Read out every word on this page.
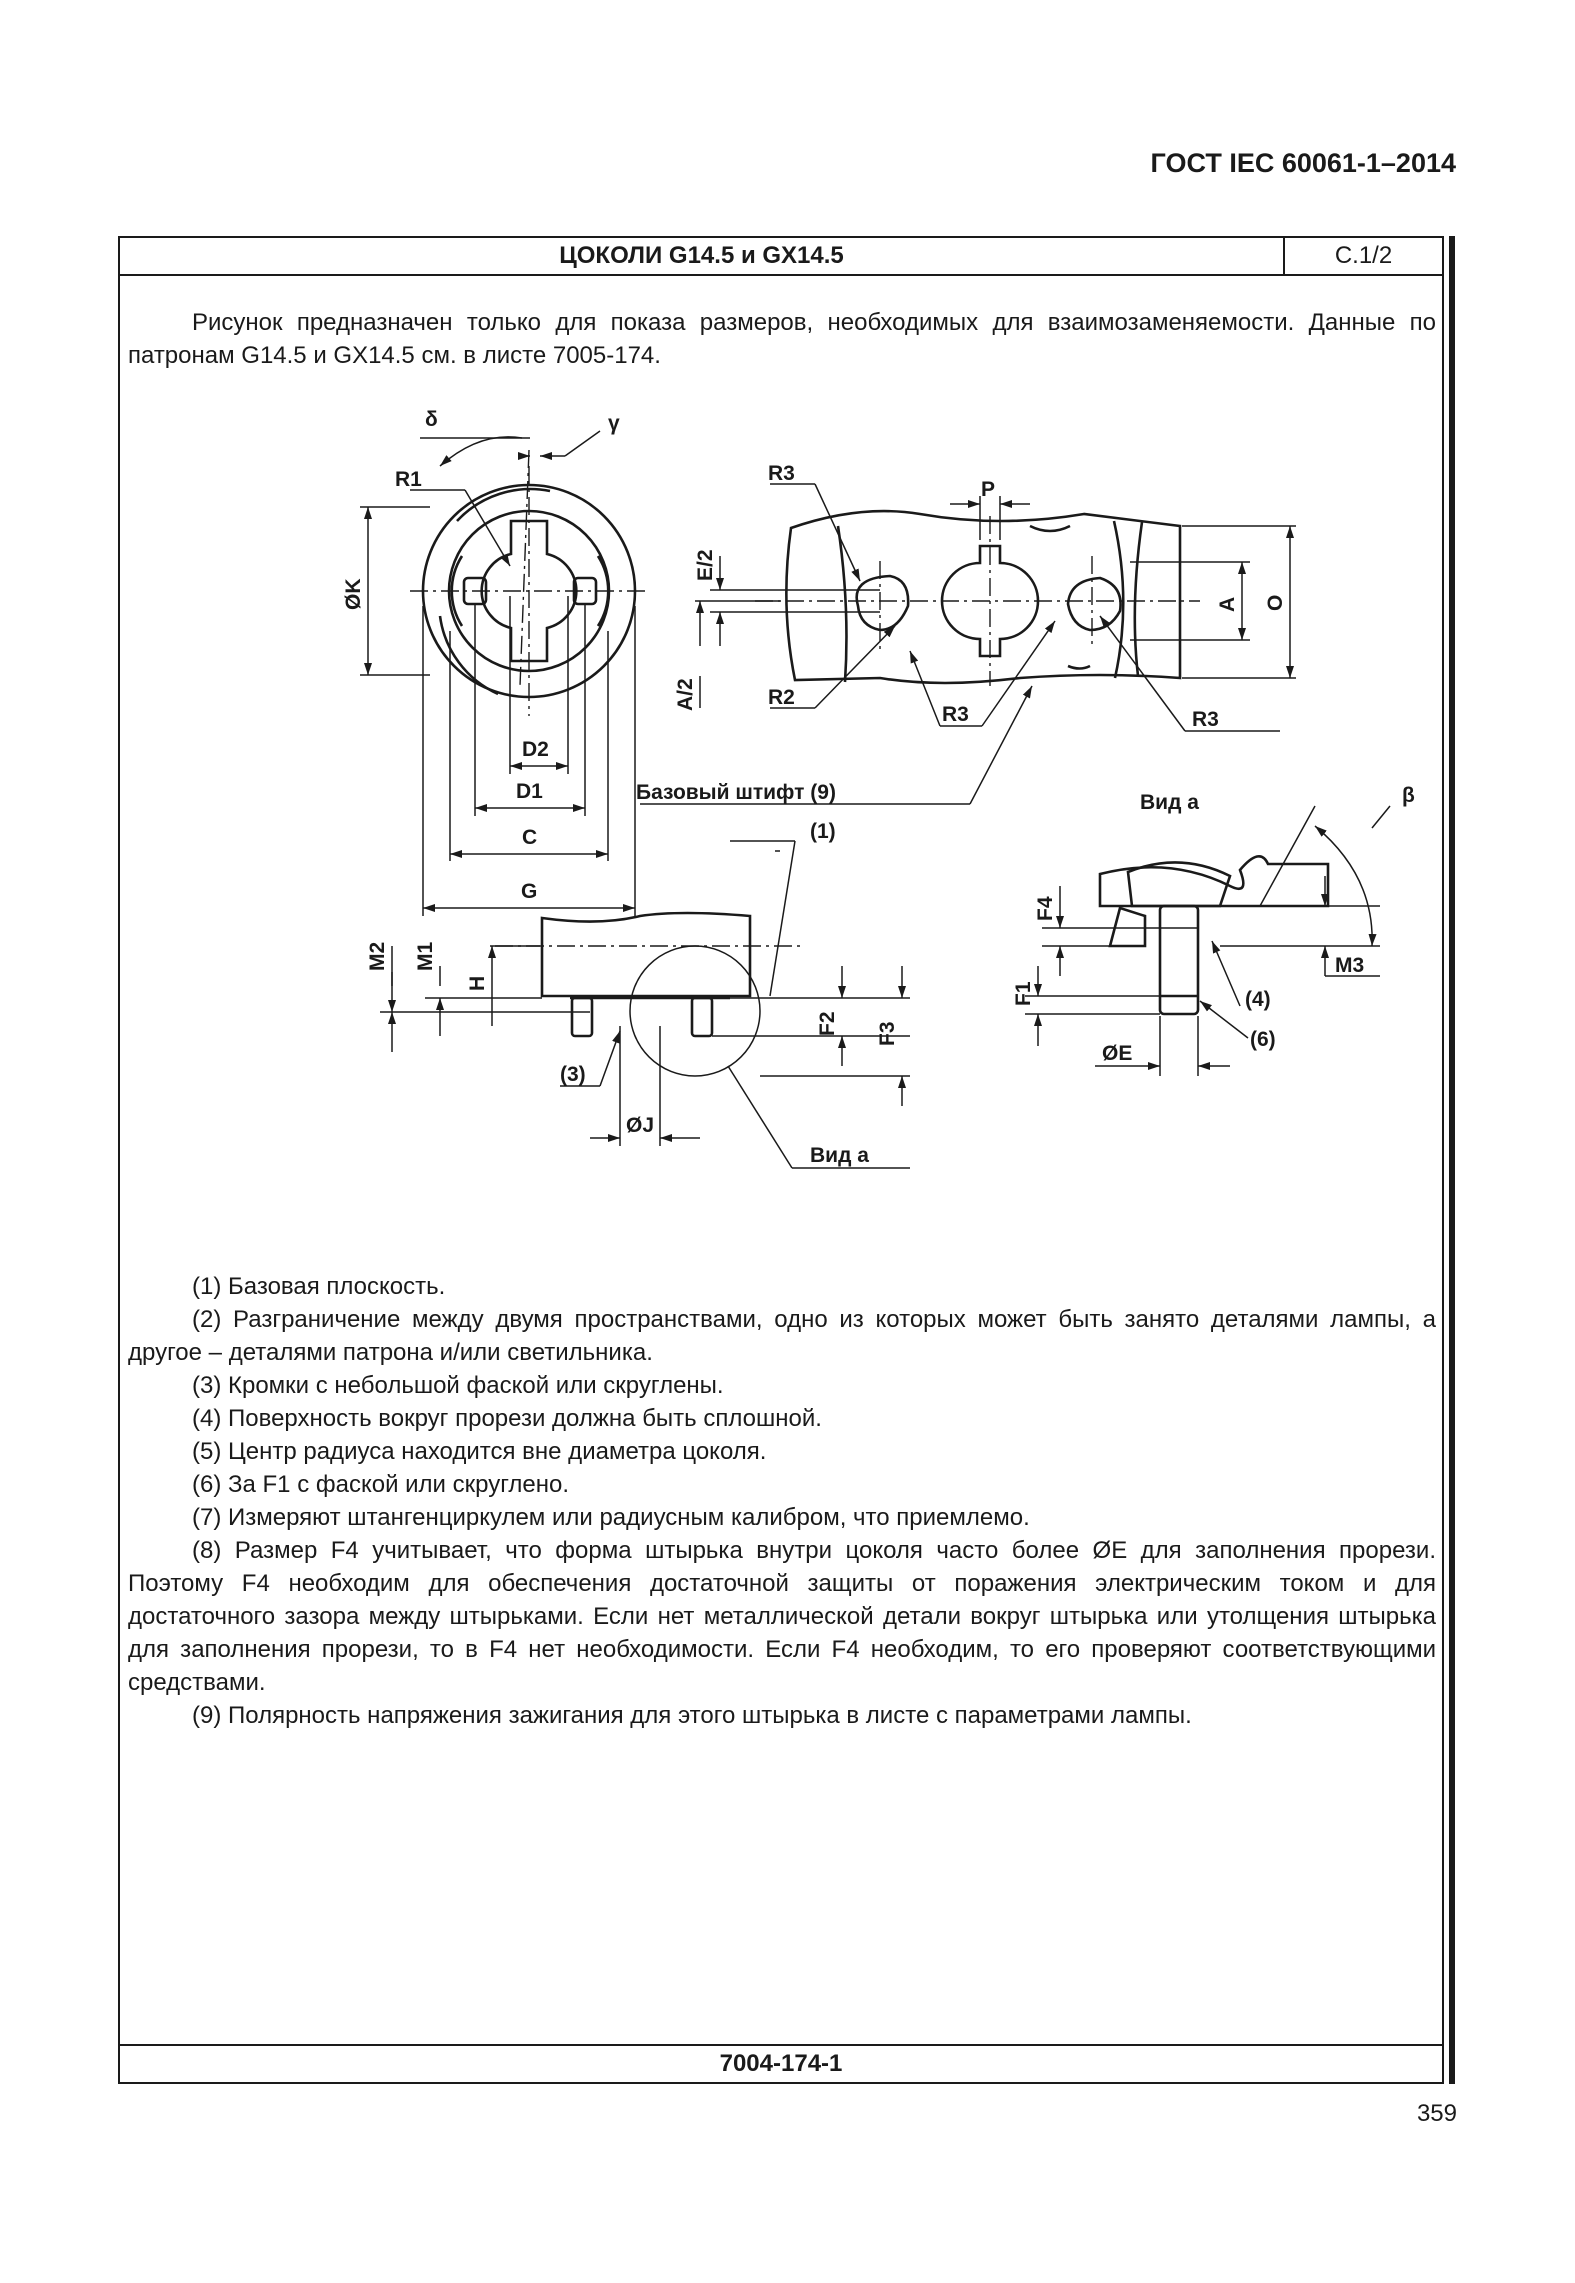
ГОСТ IEC 60061-1–2014
ЦОКОЛИ G14.5 и GX14.5	С.1/2
Рисунок предназначен только для показа размеров, необходимых для взаимозаменяемости. Данные по патронам G14.5 и GX14.5 см. в листе 7005-174.
ØK
D2
D1
C
G
δ	γ
R1	P
A O
E/2
A/2
R3
R2
R3	R3
Базовый штифт (9)	Вид а
(1)
M2 M1
H
F2 F3
ØJ
(3)
Вид а
F4
M3
β
F1
ØE
(4)
(6)
(1) Базовая плоскость.
(2) Разграничение между двумя пространствами, одно из которых может быть занято деталями лампы, а другое – деталями патрона и/или светильника.
(3) Кромки с небольшой фаской или скруглены.
(4) Поверхность вокруг прорези должна быть сплошной.
(5) Центр радиуса находится вне диаметра цоколя.
(6) За F1 с фаской или скруглено.
(7) Измеряют штангенциркулем или радиусным калибром, что приемлемо.
(8) Размер F4 учитывает, что форма штырька внутри цоколя часто более ØE для заполнения прорези. Поэтому F4 необходим для обеспечения достаточной защиты от поражения электрическим током и для достаточного зазора между штырьками. Если нет металлической детали вокруг штырька или утолщения штырька для заполнения прорези, то в F4 нет необходимости. Если F4 необходим, то его проверяют соответствующими средствами.
(9) Полярность напряжения зажигания для этого штырька в листе с параметрами лампы.
7004-174-1
359
